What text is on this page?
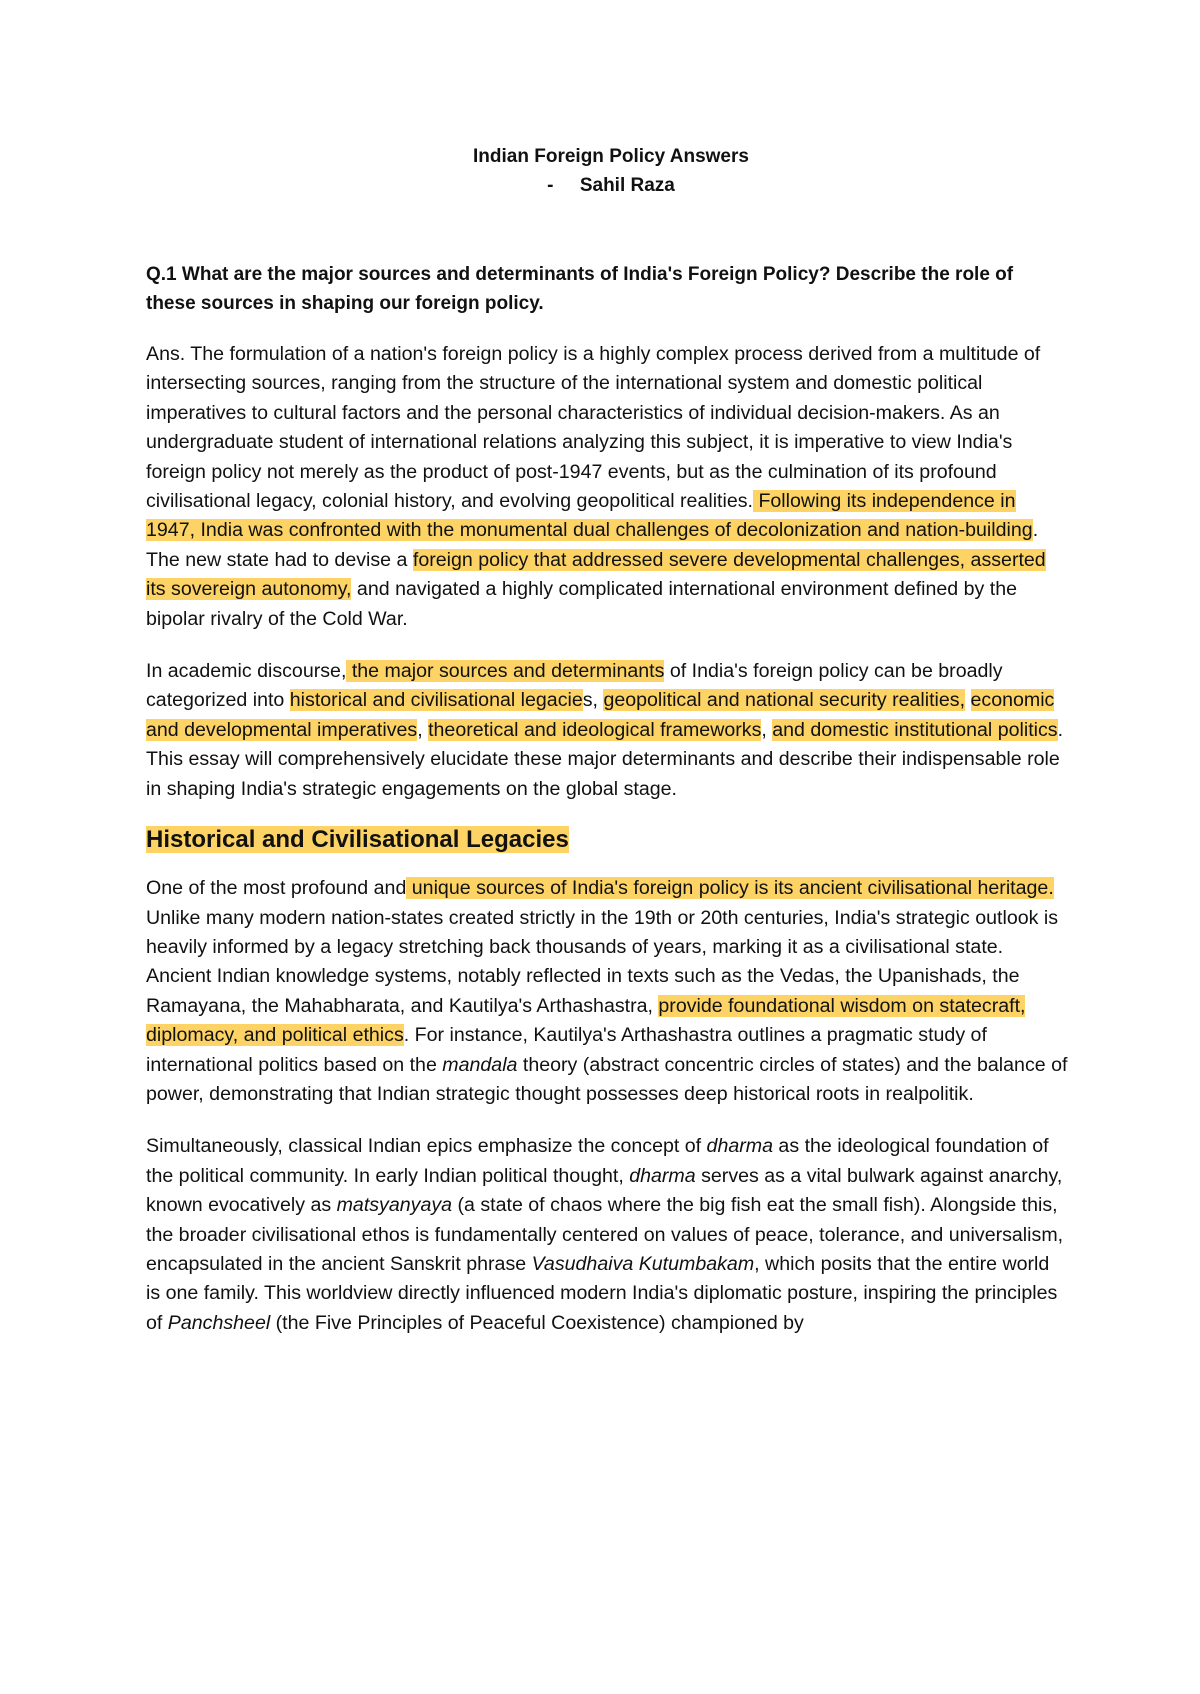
Indian Foreign Policy Answers
-     Sahil Raza
Q.1 What are the major sources and determinants of India's Foreign Policy? Describe the role of these sources in shaping our foreign policy.
Ans. The formulation of a nation's foreign policy is a highly complex process derived from a multitude of intersecting sources, ranging from the structure of the international system and domestic political imperatives to cultural factors and the personal characteristics of individual decision-makers. As an undergraduate student of international relations analyzing this subject, it is imperative to view India's foreign policy not merely as the product of post-1947 events, but as the culmination of its profound civilisational legacy, colonial history, and evolving geopolitical realities. Following its independence in 1947, India was confronted with the monumental dual challenges of decolonization and nation-building. The new state had to devise a foreign policy that addressed severe developmental challenges, asserted its sovereign autonomy, and navigated a highly complicated international environment defined by the bipolar rivalry of the Cold War.
In academic discourse, the major sources and determinants of India's foreign policy can be broadly categorized into historical and civilisational legacies, geopolitical and national security realities, economic and developmental imperatives, theoretical and ideological frameworks, and domestic institutional politics. This essay will comprehensively elucidate these major determinants and describe their indispensable role in shaping India's strategic engagements on the global stage.
Historical and Civilisational Legacies
One of the most profound and unique sources of India's foreign policy is its ancient civilisational heritage. Unlike many modern nation-states created strictly in the 19th or 20th centuries, India's strategic outlook is heavily informed by a legacy stretching back thousands of years, marking it as a civilisational state. Ancient Indian knowledge systems, notably reflected in texts such as the Vedas, the Upanishads, the Ramayana, the Mahabharata, and Kautilya's Arthashastra, provide foundational wisdom on statecraft, diplomacy, and political ethics. For instance, Kautilya's Arthashastra outlines a pragmatic study of international politics based on the mandala theory (abstract concentric circles of states) and the balance of power, demonstrating that Indian strategic thought possesses deep historical roots in realpolitik.
Simultaneously, classical Indian epics emphasize the concept of dharma as the ideological foundation of the political community. In early Indian political thought, dharma serves as a vital bulwark against anarchy, known evocatively as matsyanyaya (a state of chaos where the big fish eat the small fish). Alongside this, the broader civilisational ethos is fundamentally centered on values of peace, tolerance, and universalism, encapsulated in the ancient Sanskrit phrase Vasudhaiva Kutumbakam, which posits that the entire world is one family. This worldview directly influenced modern India's diplomatic posture, inspiring the principles of Panchsheel (the Five Principles of Peaceful Coexistence) championed by
